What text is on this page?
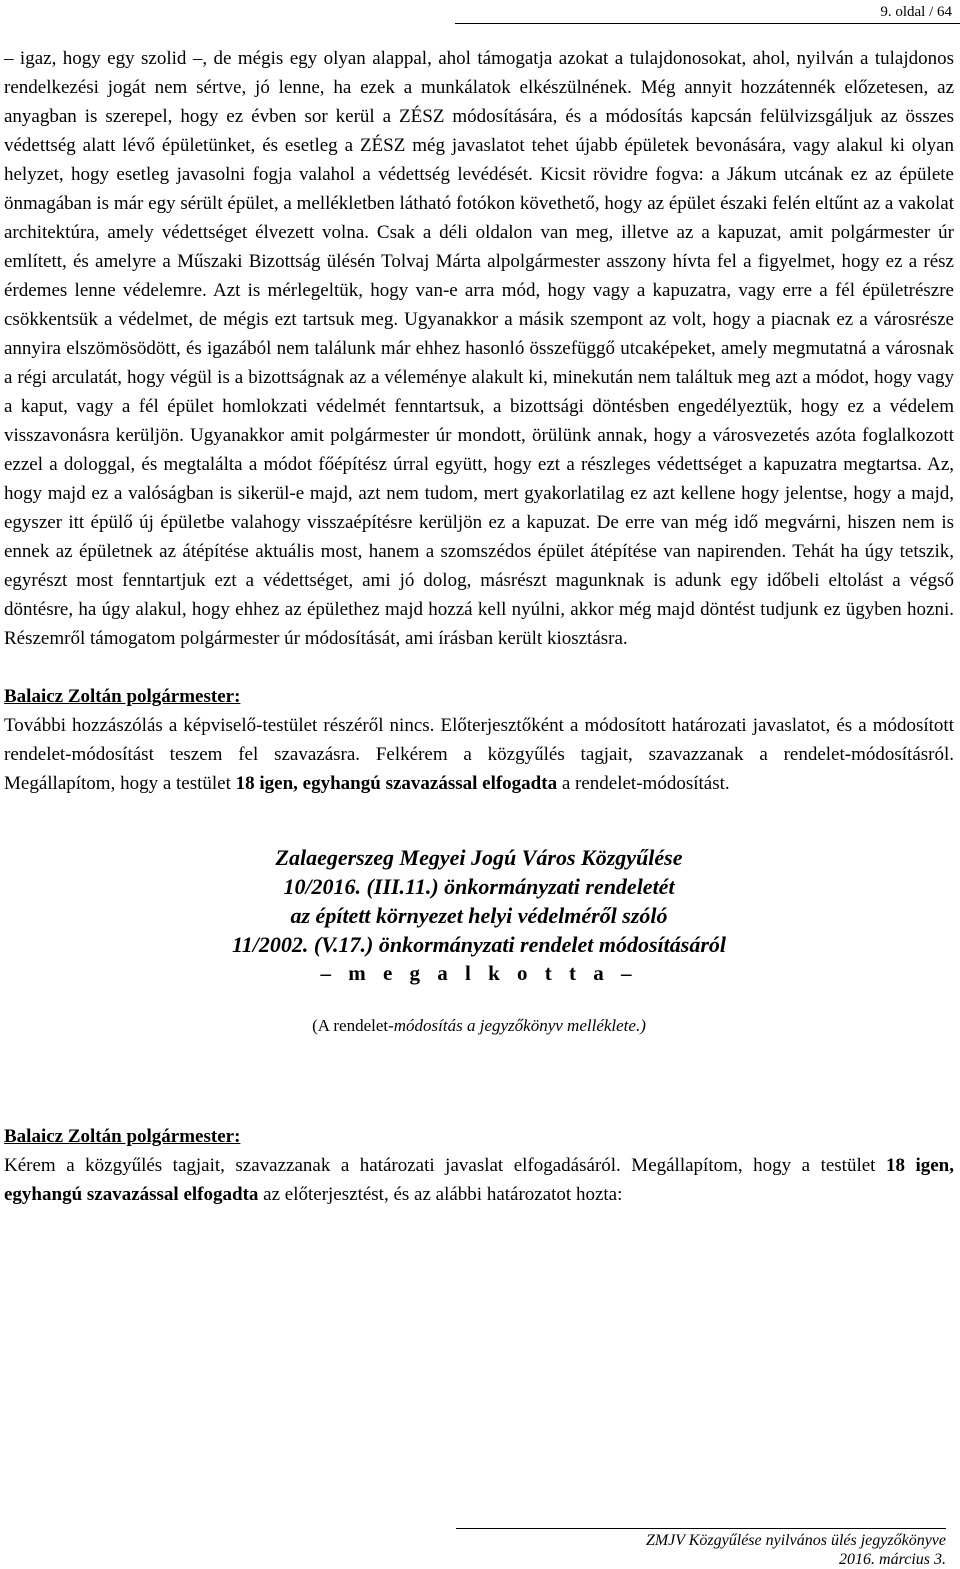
9. oldal / 64

– igaz, hogy egy szolid –, de mégis egy olyan alappal, ahol támogatja azokat a tulajdonosokat, ahol, nyilván a tulajdonos rendelkezési jogát nem sértve, jó lenne, ha ezek a munkálatok elkészülnének. Még annyit hozzátennék előzetesen, az anyagban is szerepel, hogy ez évben sor kerül a ZÉSZ módosítására, és a módosítás kapcsán felülvizsgáljuk az összes védettség alatt lévő épületünket, és esetleg a ZÉSZ még javaslatot tehet újabb épületek bevonására, vagy alakul ki olyan helyzet, hogy esetleg javasolni fogja valahol a védettség levédését. Kicsit rövidre fogva: a Jákum utcának ez az épülete önmagában is már egy sérült épület, a mellékletben látható fotókon követhető, hogy az épület északi felén eltűnt az a vakolat architektúra, amely védettséget élvezett volna. Csak a déli oldalon van meg, illetve az a kapuzat, amit polgármester úr említett, és amelyre a Műszaki Bizottság ülésén Tolvaj Márta alpolgármester asszony hívta fel a figyelmet, hogy ez a rész érdemes lenne védelemre. Azt is mérlegeltük, hogy van-e arra mód, hogy vagy a kapuzatra, vagy erre a fél épületrészre csökkentsük a védelmet, de mégis ezt tartsuk meg. Ugyanakkor a másik szempont az volt, hogy a piacnak ez a városrésze annyira elszömösödött, és igazából nem találunk már ehhez hasonló összefüggő utcaképeket, amely megmutatná a városnak a régi arculatát, hogy végül is a bizottságnak az a véleménye alakult ki, minekután nem találtuk meg azt a módot, hogy vagy a kaput, vagy a fél épület homlokzati védelmét fenntartsuk, a bizottsági döntésben engedélyeztük, hogy ez a védelem visszavonásra kerüljön. Ugyanakkor amit polgármester úr mondott, örülünk annak, hogy a városvezetés azóta foglalkozott ezzel a dologgal, és megtalálta a módot főépítész úrral együtt, hogy ezt a részleges védettséget a kapuzatra megtartsa. Az, hogy majd ez a valóságban is sikerül-e majd, azt nem tudom, mert gyakorlatilag ez azt kellene hogy jelentse, hogy a majd, egyszer itt épülő új épületbe valahogy visszaépítésre kerüljön ez a kapuzat. De erre van még idő megvárni, hiszen nem is ennek az épületnek az átépítése aktuális most, hanem a szomszédos épület átépítése van napirenden. Tehát ha úgy tetszik, egyrészt most fenntartjuk ezt a védettséget, ami jó dolog, másrészt magunknak is adunk egy időbeli eltolást a végső döntésre, ha úgy alakul, hogy ehhez az épülethez majd hozzá kell nyúlni, akkor még majd döntést tudjunk ez ügyben hozni. Részemről támogatom polgármester úr módosítását, ami írásban került kiosztásra.

Balaicz Zoltán polgármester:

További hozzászólás a képviselő-testület részéről nincs. Előterjesztőként a módosított határozati javaslatot, és a módosított rendelet-módosítást teszem fel szavazásra. Felkérem a közgyűlés tagjait, szavazzanak a rendelet-módosításról. Megállapítom, hogy a testület 18 igen, egyhangú szavazással elfogadta a rendelet-módosítást.

Zalaegerszeg Megyei Jogú Város Közgyűlése
10/2016. (III.11.) önkormányzati rendeletét
az épített környezet helyi védelméről szóló
11/2002. (V.17.) önkormányzati rendelet módosításáról
– m e g a l k o t t a –
(A rendelet-módosítás a jegyzőkönyv melléklete.)
Balaicz Zoltán polgármester:

Kérem a közgyűlés tagjait, szavazzanak a határozati javaslat elfogadásáról. Megállapítom, hogy a testület 18 igen, egyhangú szavazással elfogadta az előterjesztést, és az alábbi határozatot hozta:

ZMJV Közgyűlése nyilvános ülés jegyzőkönyve
2016. március 3.
